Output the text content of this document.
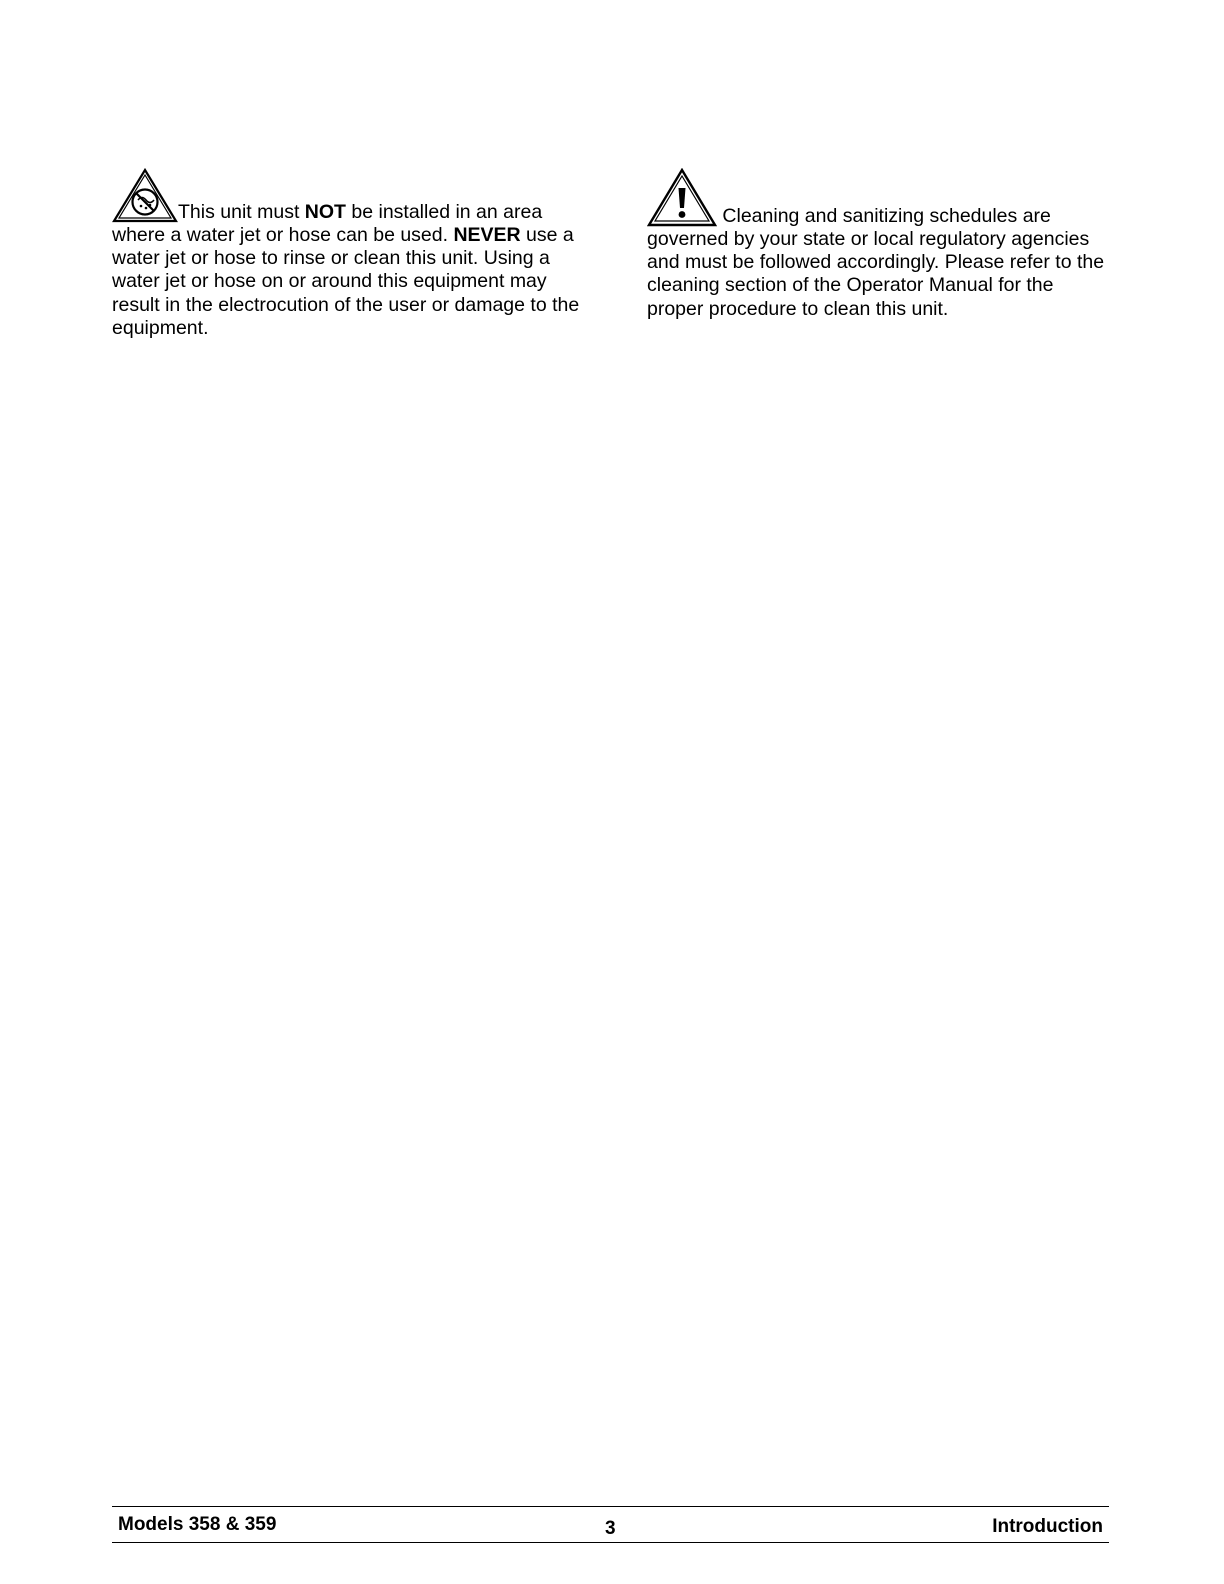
This unit must NOT be installed in an area where a water jet or hose can be used. NEVER use a water jet or hose to rinse or clean this unit. Using a water jet or hose on or around this equipment may result in the electrocution of the user or damage to the equipment.
Cleaning and sanitizing schedules are governed by your state or local regulatory agencies and must be followed accordingly. Please refer to the cleaning section of the Operator Manual for the proper procedure to clean this unit.
Models 358 & 359	3	Introduction
